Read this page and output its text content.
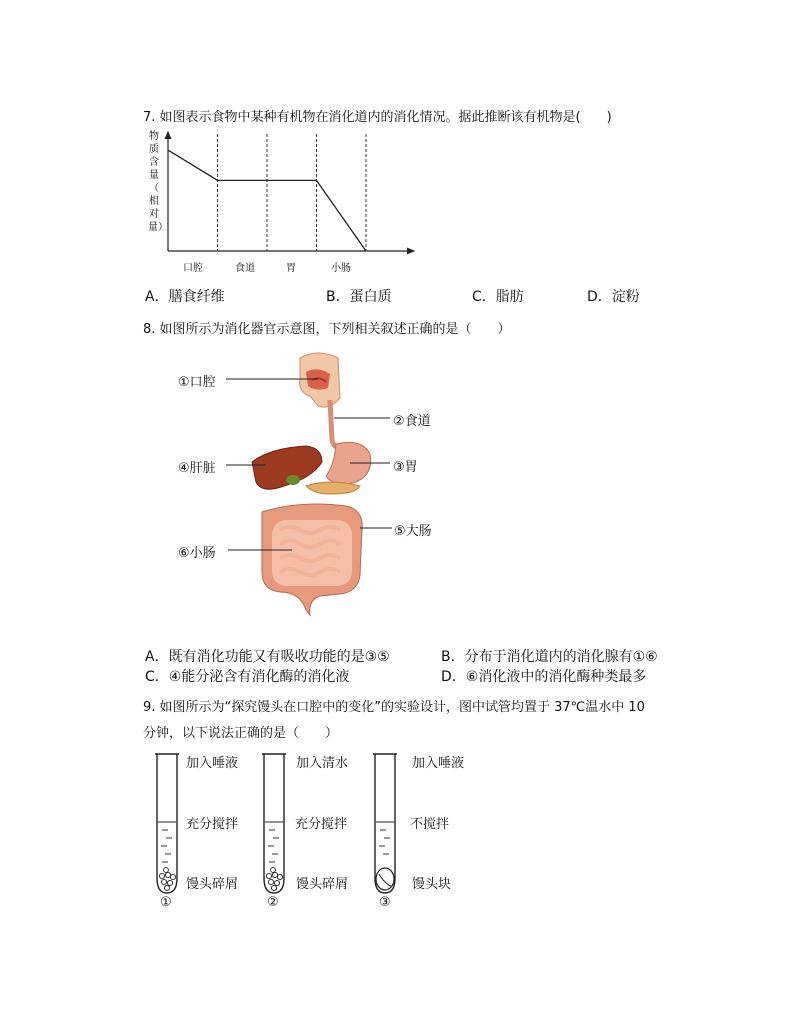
7. 如图表示食物中某种有机物在消化道内的消化情况。据此推断该有机物是(　　)
物
质
含
量
（
相
对
量）
口腔	食道	胃	小肠
A．膳食纤维	B．蛋白质	C．脂肪	D．淀粉
8. 如图所示为消化器官示意图，下列相关叙述正确的是（　　）
①口腔
②食道
④肝脏	③胃
⑤大肠
⑥小肠
A．既有消化功能又有吸收功能的是③⑤	B．分布于消化道内的消化腺有①⑥
C．④能分泌含有消化酶的消化液	D．⑥消化液中的消化酶种类最多
9. 如图所示为“探究馒头在口腔中的变化”的实验设计，图中试管均置于 37℃温水中 10
分钟，以下说法正确的是（　　）
加入唾液
充分搅拌
馒头碎屑
①
加入清水
充分搅拌
馒头碎屑
②
加入唾液
不搅拌
馒头块
③
